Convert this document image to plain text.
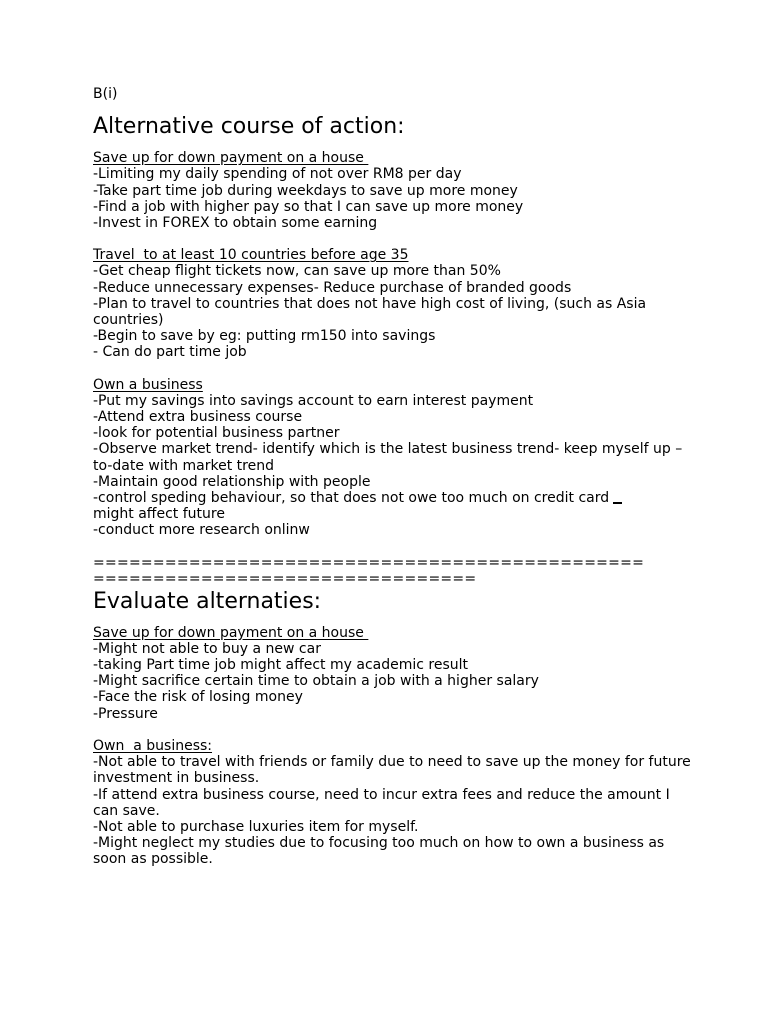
B(i)

Alternative course of action:

Save up for down payment on a house

-Limiting my daily spending of not over RM8 per day

-Take part time job during weekdays to save up more money

-Find a job with higher pay so that I can save up more money

-Invest in FOREX to obtain some earning

Travel  to at least 10 countries before age 35

-Get cheap flight tickets now, can save up more than 50%

-Reduce unnecessary expenses- Reduce purchase of branded goods

-Plan to travel to countries that does not have high cost of living, (such as Asia countries)

-Begin to save by eg: putting rm150 into savings

- Can do part time job

Own a business

-Put my savings into savings account to earn interest payment

-Attend extra business course

-look for potential business partner

-Observe market trend- identify which is the latest business trend- keep myself up –to-date with market trend

-Maintain good relationship with people

-control speding behaviour, so that does not owe too much on credit card

might affect future

-conduct more research onlinw

==============================================

================================

Evaluate alternaties:

Save up for down payment on a house

-Might not able to buy a new car

-taking Part time job might affect my academic result

-Might sacrifice certain time to obtain a job with a higher salary

-Face the risk of losing money

-Pressure

Own  a business:

-Not able to travel with friends or family due to need to save up the money for future investment in business.

-If attend extra business course, need to incur extra fees and reduce the amount I can save.

-Not able to purchase luxuries item for myself.

-Might neglect my studies due to focusing too much on how to own a business as soon as possible.
